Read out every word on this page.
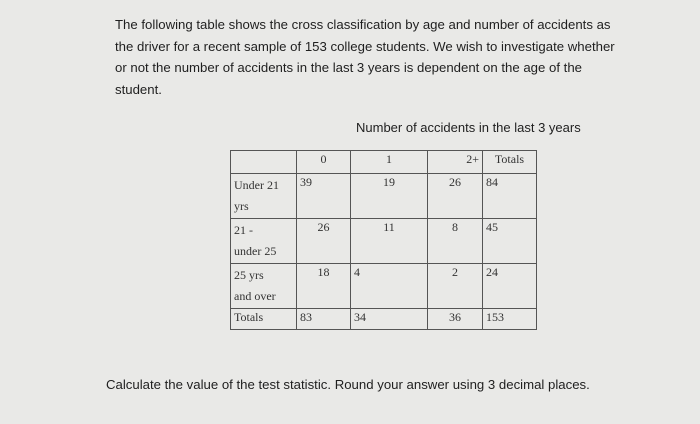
The following table shows the cross classification by age and number of accidents as the driver for a recent sample of 153 college students. We wish to investigate whether or not the number of accidents in the last 3 years is dependent on the age of the student.

Number of accidents in the last 3 years

	0	1	2+	Totals
Under 21
yrs	39	19	26	84
21 -
under 25	26	11	8	45
25 yrs
and over	18	4	2	24
Totals	83	34	36	153

Calculate the value of the test statistic. Round your answer using 3 decimal places.
